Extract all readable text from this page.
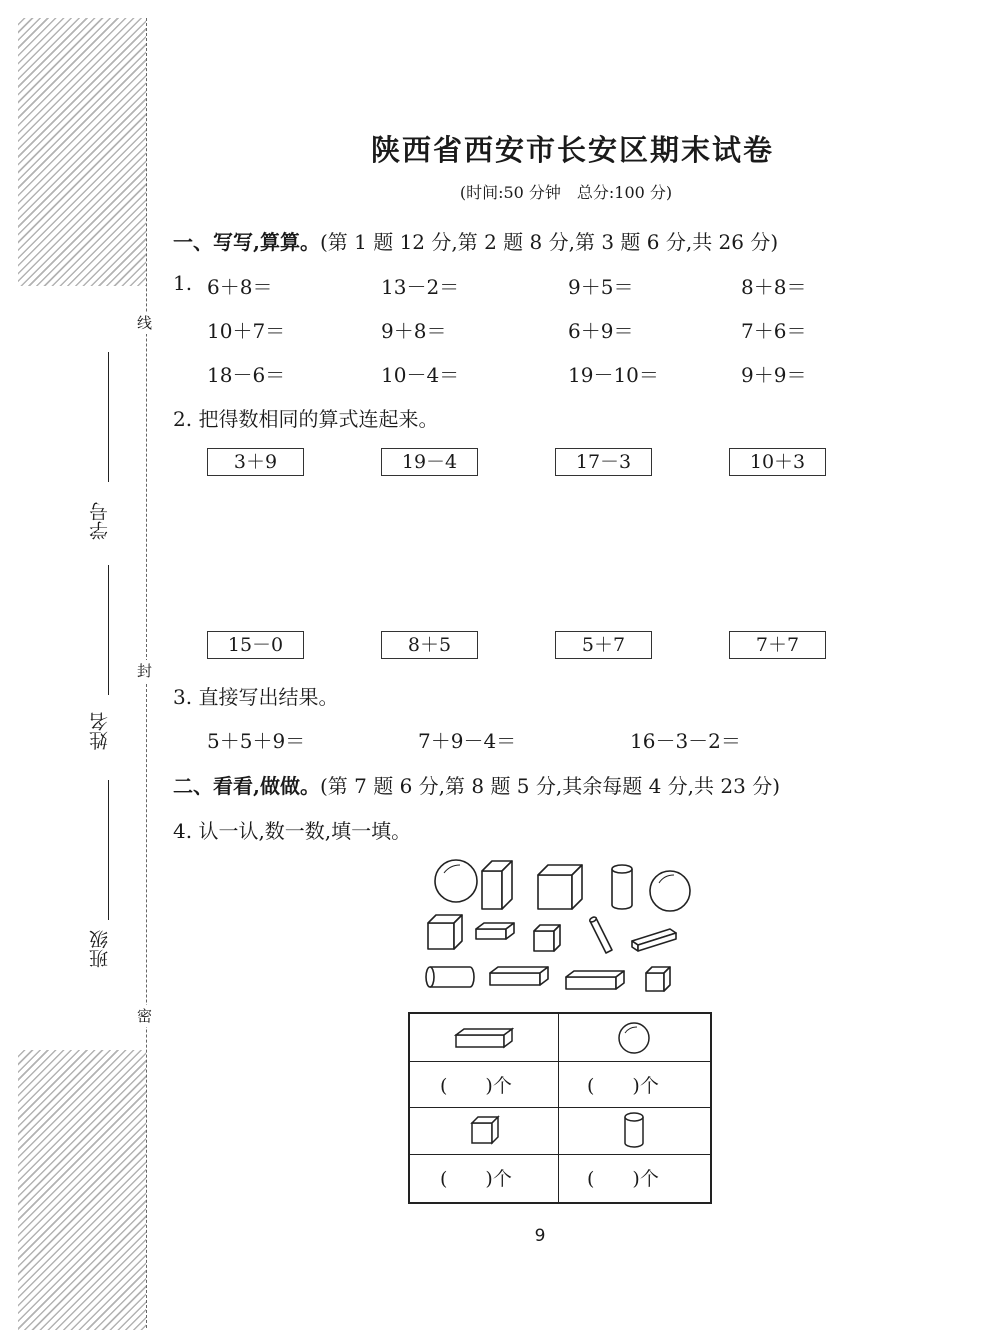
线
封
密
学号
姓名
班级
陕西省西安市长安区期末试卷
(时间:50 分钟　总分:100 分)
一、写写,算算。(第 1 题 12 分,第 2 题 8 分,第 3 题 6 分,共 26 分)
1. 6＋8＝	13－2＝	9＋5＝	8＋8＝
10＋7＝	9＋8＝	6＋9＝	7＋6＝
18－6＝	10－4＝	19－10＝	9＋9＝
2. 把得数相同的算式连起来。
3＋9	19－4	17－3	10＋3
15－0	8＋5	5＋7	7＋7
3. 直接写出结果。
5＋5＋9＝	7＋9－4＝	16－3－2＝
二、看看,做做。(第 7 题 6 分,第 8 题 5 分,其余每题 4 分,共 23 分)
4. 认一认,数一数,填一填。
(　　)个	(　　)个
(　　)个	(　　)个
9
